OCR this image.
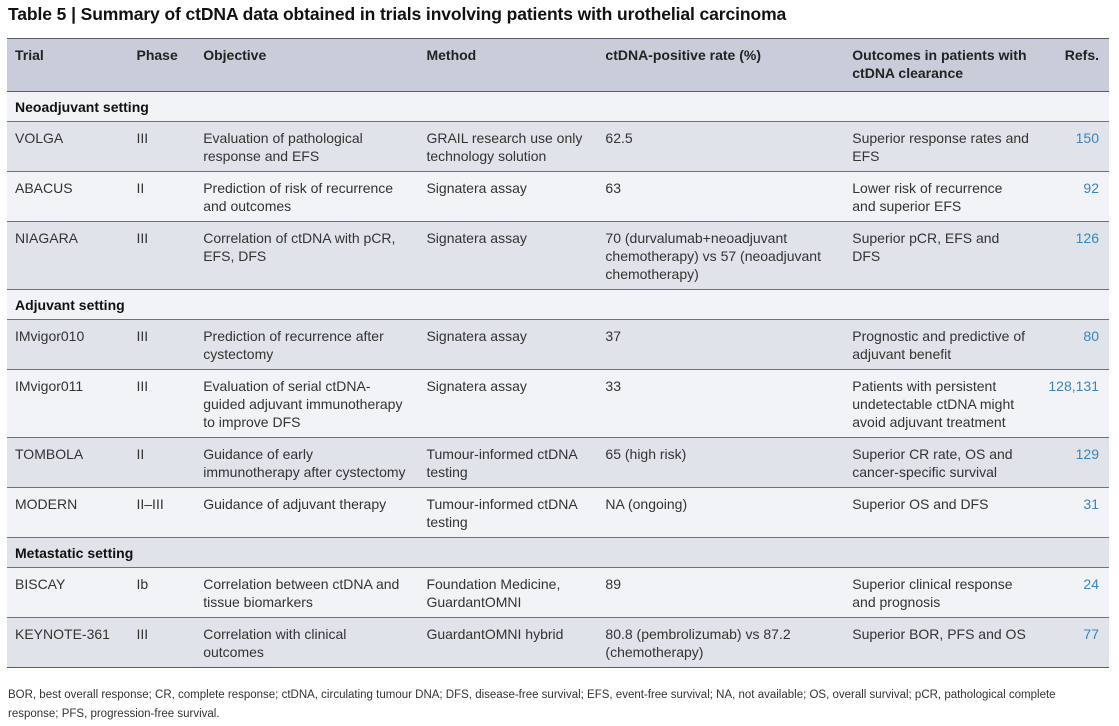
Table 5 | Summary of ctDNA data obtained in trials involving patients with urothelial carcinoma
Trial	Phase	Objective	Method	ctDNA-positive rate (%)	Outcomes in patients with ctDNA clearance	Refs.
Neoadjuvant setting						
VOLGA	III	Evaluation of pathological response and EFS	GRAIL research use only technology solution	62.5	Superior response rates and EFS	150
ABACUS	II	Prediction of risk of recurrence and outcomes	Signatera assay	63	Lower risk of recurrence and superior EFS	92
NIAGARA	III	Correlation of ctDNA with pCR, EFS, DFS	Signatera assay	70 (durvalumab+neoadjuvant chemotherapy) vs 57 (neoadjuvant chemotherapy)	Superior pCR, EFS and DFS	126
Adjuvant setting						
IMvigor010	III	Prediction of recurrence after cystectomy	Signatera assay	37	Prognostic and predictive of adjuvant benefit	80
IMvigor011	III	Evaluation of serial ctDNA-guided adjuvant immunotherapy to improve DFS	Signatera assay	33	Patients with persistent undetectable ctDNA might avoid adjuvant treatment	128,131
TOMBOLA	II	Guidance of early immunotherapy after cystectomy	Tumour-informed ctDNA testing	65 (high risk)	Superior CR rate, OS and cancer-specific survival	129
MODERN	II–III	Guidance of adjuvant therapy	Tumour-informed ctDNA testing	NA (ongoing)	Superior OS and DFS	31
Metastatic setting						
BISCAY	Ib	Correlation between ctDNA and tissue biomarkers	Foundation Medicine, GuardantOMNI	89	Superior clinical response and prognosis	24
KEYNOTE-361	III	Correlation with clinical outcomes	GuardantOMNI hybrid	80.8 (pembrolizumab) vs 87.2 (chemotherapy)	Superior BOR, PFS and OS	77
BOR, best overall response; CR, complete response; ctDNA, circulating tumour DNA; DFS, disease-free survival; EFS, event-free survival; NA, not available; OS, overall survival; pCR, pathological complete response; PFS, progression-free survival.
